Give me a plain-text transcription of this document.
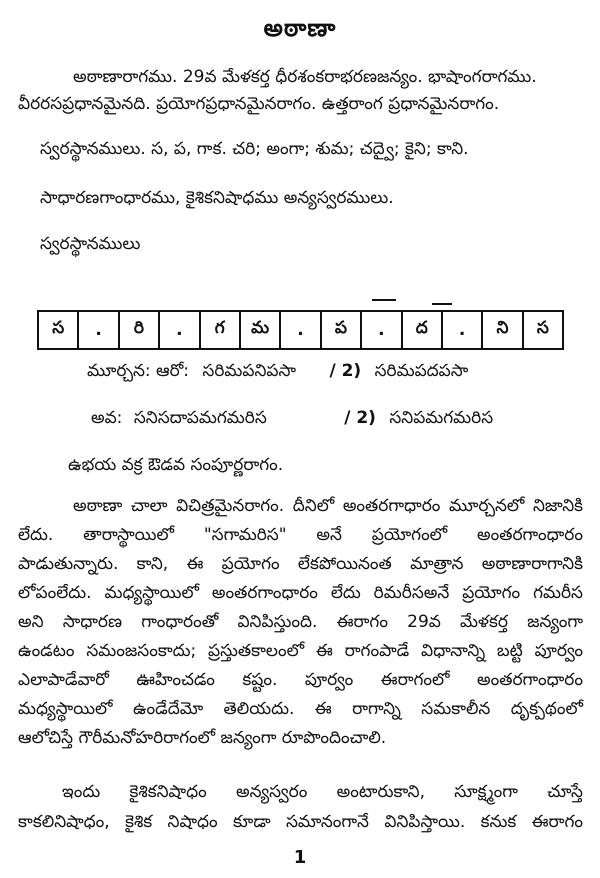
అఠాణా
అఠాణారాగము. 29వ మేళకర్త ధీరశంకరాభరణజన్యం. భాషాంగరాగము.
వీరరసప్రధానమైనది. ప్రయోగప్రధానమైనరాగం. ఉత్తరాంగ ప్రధానమైనరాగం.
స్వరస్థానములు. స, ప, గాక. చరి; అంగా; శుమ; చద్వై; కైని; కాని.
సాధారణగాంధారము, కైశికనిషాధము అన్యస్వరములు.
స్వరస్థానములు
స	.	రి	.	గ	మ	.	ప	.	ద	.	ని	స
మూర్చన: ఆరో: సరిమపనిపసా / 2) సరిమపదపసా
అవ: సనిసదాపమగమరిస	/ 2) సనిపమగమరిస
ఉభయ వక్ర ఔడవ సంపూర్ణరాగం.
అఠాణా చాలా విచిత్రమైనరాగం. దీనిలో అంతరగాధారం మూర్చనలో నిజానికి
లేదు. తారాస్థాయిలో "సగామరిస" అనే ప్రయోగంలో అంతరగాంధారం
పాడుతున్నారు. కాని, ఈ ప్రయోగం లేకపోయినంత మాత్రాన అఠాణారాగానికి
లోపంలేదు. మధ్యస్థాయిలో అంతరగాంధారం లేదు రిమరీసఅనే ప్రయోగం గమరీస
అని సాధారణ గాంధారంతో వినిపిస్తుంది. ఈరాగం 29వ మేళకర్త జన్యంగా
ఉండటం సమంజసంకాదు; ప్రస్తుతకాలంలో ఈ రాగంపాడే విధానాన్ని బట్టి పూర్వం
ఎలాపాడేవారో ఊహించడం కష్టం. పూర్వం ఈరాగంలో అంతరగాంధారం
మధ్యస్థాయిలో ఉండేదేమో తెలియదు. ఈ రాగాన్ని సమకాలీన దృక్పథంలో
ఆలోచిస్తే గౌరీమనోహరిరాగంలో జన్యంగా రూపొందించాలి.
ఇందు కైశికనిషాధం అన్యస్వరం అంటారుకాని, సూక్ష్మంగా చూస్తే
కాకలినిషాధం, కైశిక నిషాధం కూడా సమానంగానే వినిపిస్తాయి. కనుక ఈరాగం
1
